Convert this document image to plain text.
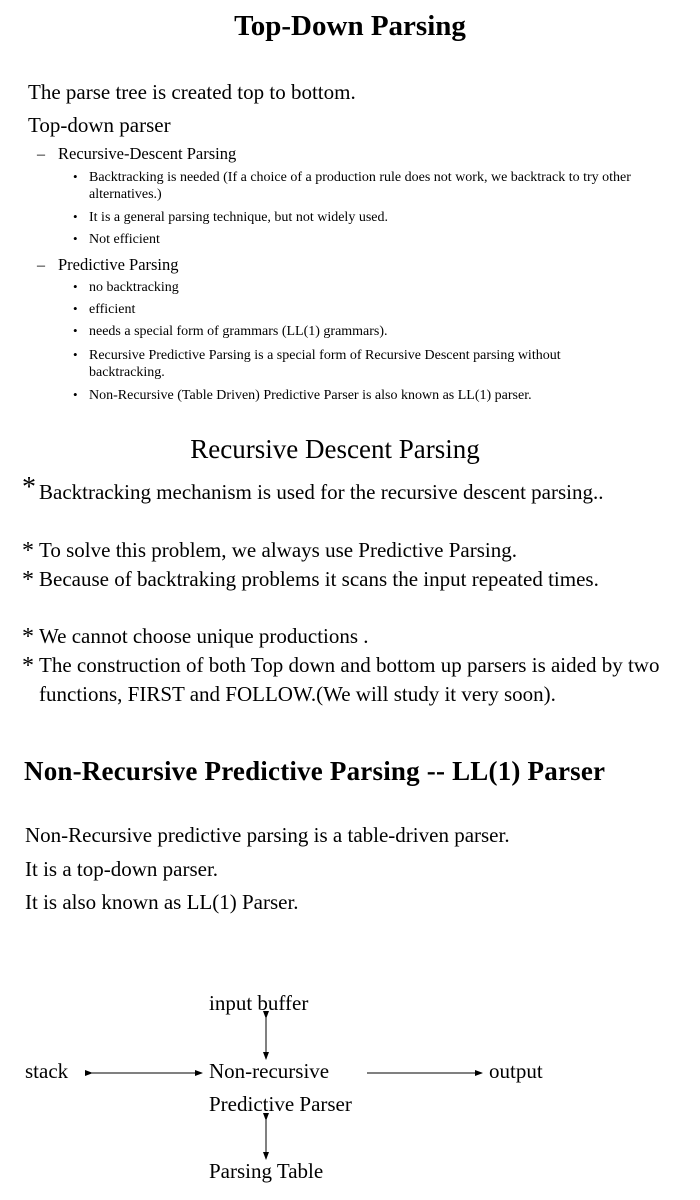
Top-Down Parsing
The parse tree is created top to bottom.
Top-down parser
– Recursive-Descent Parsing
• Backtracking is needed (If a choice of a production rule does not work, we backtrack to try other alternatives.)
• It is a general parsing technique, but not widely used.
• Not efficient
– Predictive Parsing
• no backtracking
• efficient
• needs a special form of grammars (LL(1) grammars).
• Recursive Predictive Parsing is a special form of Recursive Descent parsing without backtracking.
• Non-Recursive (Table Driven) Predictive Parser is also known as LL(1) parser.
Recursive Descent Parsing
* Backtracking mechanism is used for the recursive descent parsing..
* To solve this problem, we always use Predictive Parsing.
* Because of backtraking problems it scans the input repeated times.
* We cannot choose unique productions .
* The construction of both Top down and bottom up parsers is aided by two functions, FIRST and FOLLOW.(We will study it very soon).
Non-Recursive Predictive Parsing -- LL(1) Parser
Non-Recursive predictive parsing is a table-driven parser.
It is a top-down parser.
It is also known as LL(1) Parser.
input buffer
stack	Non-recursive
Predictive Parser
output
Parsing Table
